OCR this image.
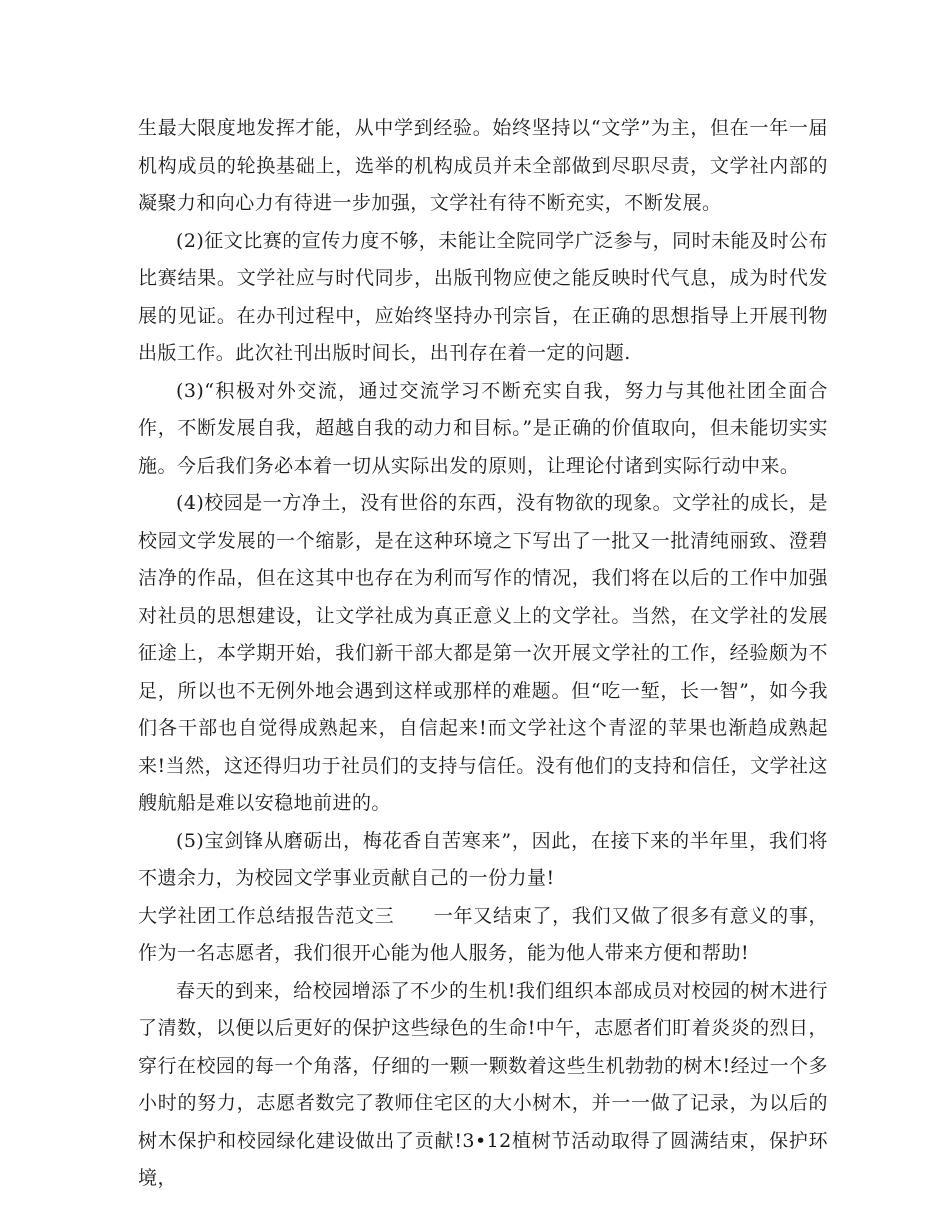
生最大限度地发挥才能，从中学到经验。始终坚持以“文学”为主，但在一年一届机构成员的轮换基础上，选举的机构成员并未全部做到尽职尽责，文学社内部的凝聚力和向心力有待进一步加强，文学社有待不断充实，不断发展。

(2)征文比赛的宣传力度不够，未能让全院同学广泛参与，同时未能及时公布比赛结果。文学社应与时代同步，出版刊物应使之能反映时代气息，成为时代发展的见证。在办刊过程中，应始终坚持办刊宗旨，在正确的思想指导上开展刊物出版工作。此次社刊出版时间长，出刊存在着一定的问题.

(3)“积极对外交流，通过交流学习不断充实自我，努力与其他社团全面合作，不断发展自我，超越自我的动力和目标。”是正确的价值取向，但未能切实实施。今后我们务必本着一切从实际出发的原则，让理论付诸到实际行动中来。

(4)校园是一方净土，没有世俗的东西，没有物欲的现象。文学社的成长，是校园文学发展的一个缩影，是在这种环境之下写出了一批又一批清纯丽致、澄碧洁净的作品，但在这其中也存在为利而写作的情况，我们将在以后的工作中加强对社员的思想建设，让文学社成为真正意义上的文学社。当然，在文学社的发展征途上，本学期开始，我们新干部大都是第一次开展文学社的工作，经验颇为不足，所以也不无例外地会遇到这样或那样的难题。但“吃一堑，长一智”，如今我们各干部也自觉得成熟起来，自信起来!而文学社这个青涩的苹果也渐趋成熟起来!当然，这还得归功于社员们的支持与信任。没有他们的支持和信任，文学社这艘航船是难以安稳地前进的。

(5)宝剑锋从磨砺出，梅花香自苦寒来”，因此，在接下来的半年里，我们将不遗余力，为校园文学事业贡献自己的一份力量!

大学社团工作总结报告范文三　　一年又结束了，我们又做了很多有意义的事，作为一名志愿者，我们很开心能为他人服务，能为他人带来方便和帮助!

春天的到来，给校园增添了不少的生机!我们组织本部成员对校园的树木进行了清数，以便以后更好的保护这些绿色的生命!中午，志愿者们盯着炎炎的烈日，穿行在校园的每一个角落，仔细的一颗一颗数着这些生机勃勃的树木!经过一个多小时的努力，志愿者数完了教师住宅区的大小树木，并一一做了记录，为以后的树木保护和校园绿化建设做出了贡献!3•12植树节活动取得了圆满结束，保护环境，
